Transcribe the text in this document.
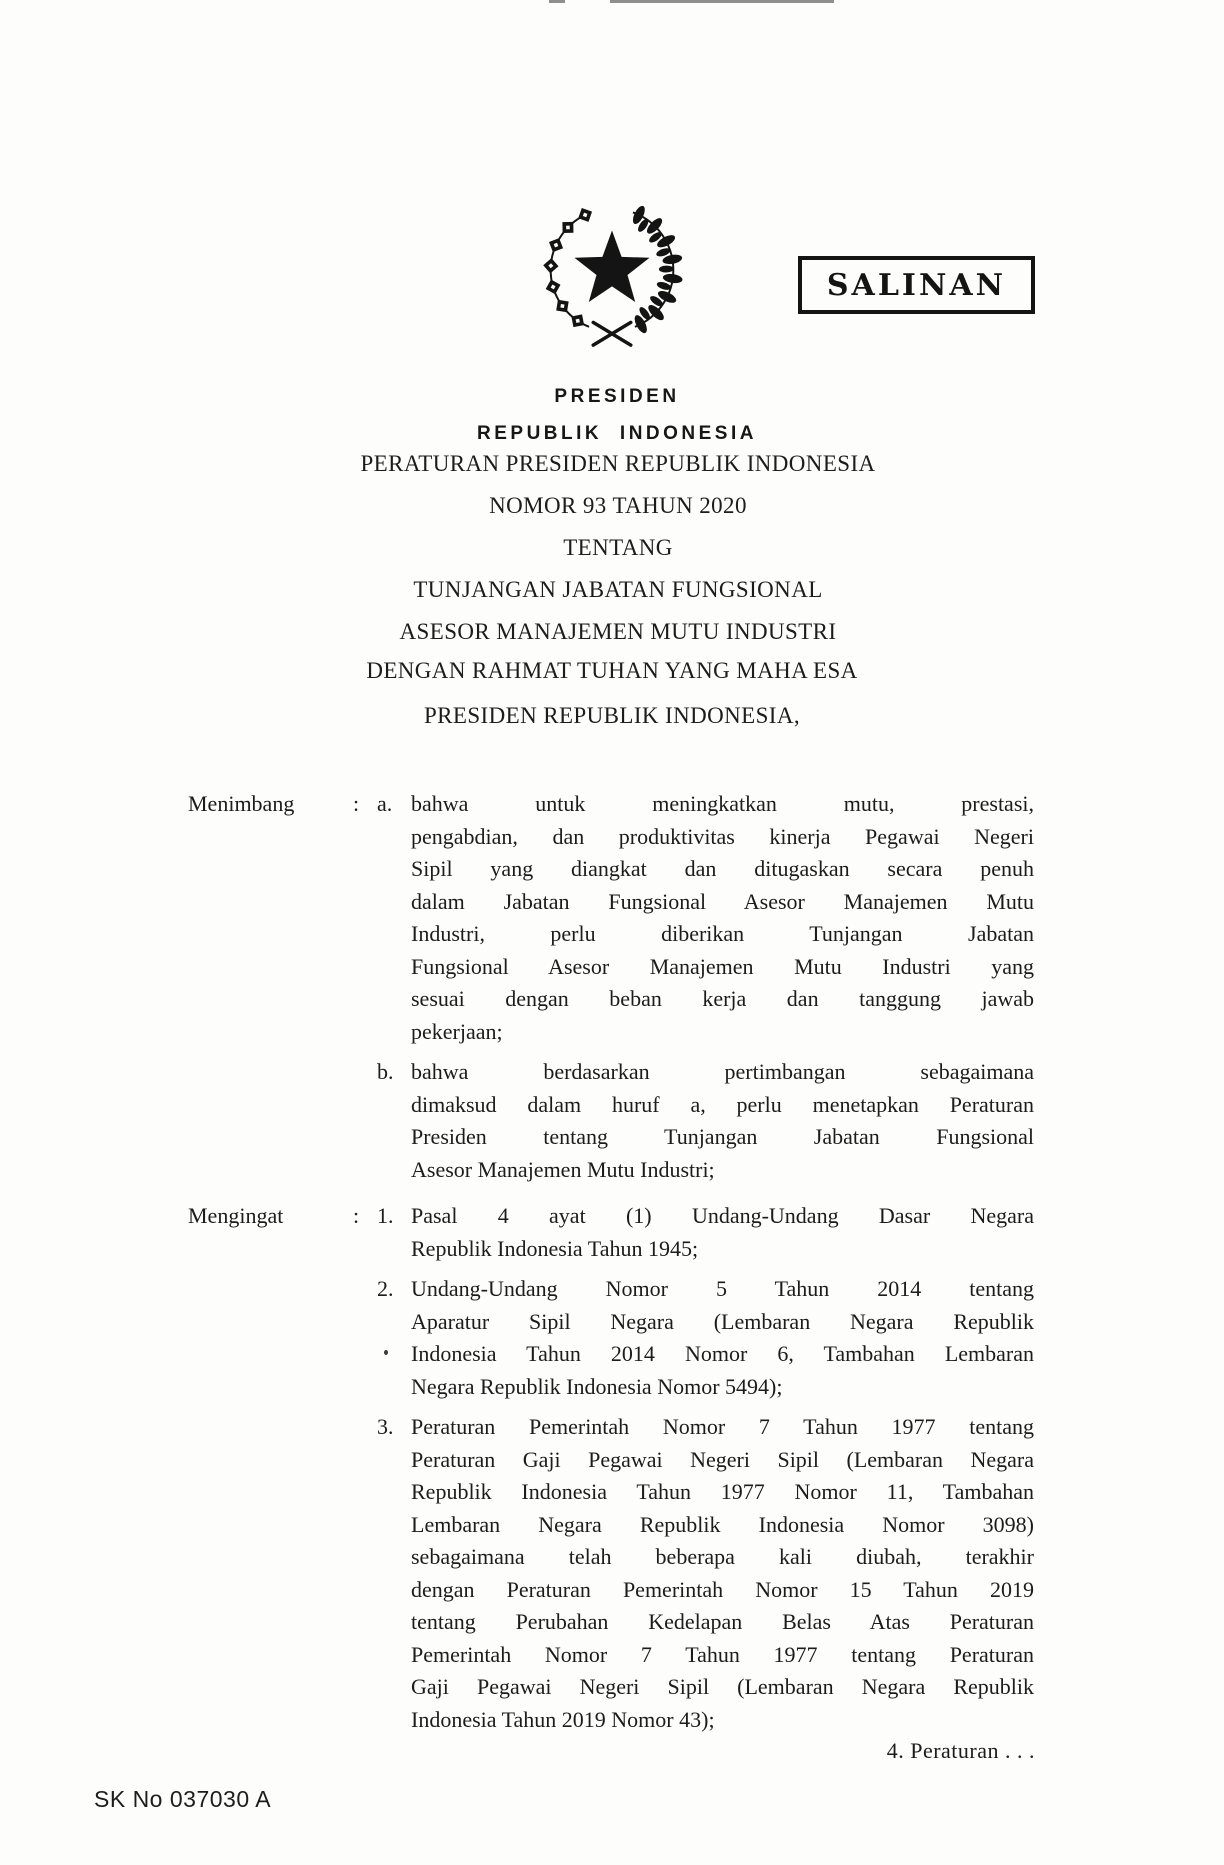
SALINAN
PRESIDEN
REPUBLIK INDONESIA
PERATURAN PRESIDEN REPUBLIK INDONESIA
NOMOR 93 TAHUN 2020
TENTANG
TUNJANGAN JABATAN FUNGSIONAL
ASESOR MANAJEMEN MUTU INDUSTRI
DENGAN RAHMAT TUHAN YANG MAHA ESA
PRESIDEN REPUBLIK INDONESIA,
Menimbang	: a. bahwa untuk meningkatkan mutu, prestasi,
pengabdian, dan produktivitas kinerja Pegawai Negeri
Sipil yang diangkat dan ditugaskan secara penuh
dalam Jabatan Fungsional Asesor Manajemen Mutu
Industri, perlu diberikan Tunjangan Jabatan
Fungsional Asesor Manajemen Mutu Industri yang
sesuai dengan beban kerja dan tanggung jawab
pekerjaan;
b. bahwa berdasarkan pertimbangan sebagaimana
dimaksud dalam huruf a, perlu menetapkan Peraturan
Presiden tentang Tunjangan Jabatan Fungsional
Asesor Manajemen Mutu Industri;
Mengingat	: 1. Pasal 4 ayat (1) Undang-Undang Dasar Negara
Republik Indonesia Tahun 1945;
2. Undang-Undang Nomor 5 Tahun 2014 tentang
Aparatur Sipil Negara (Lembaran Negara Republik
Indonesia Tahun 2014 Nomor 6, Tambahan Lembaran
Negara Republik Indonesia Nomor 5494);
3. Peraturan Pemerintah Nomor 7 Tahun 1977 tentang
Peraturan Gaji Pegawai Negeri Sipil (Lembaran Negara
Republik Indonesia Tahun 1977 Nomor 11, Tambahan
Lembaran Negara Republik Indonesia Nomor 3098)
sebagaimana telah beberapa kali diubah, terakhir
dengan Peraturan Pemerintah Nomor 15 Tahun 2019
tentang Perubahan Kedelapan Belas Atas Peraturan
Pemerintah Nomor 7 Tahun 1977 tentang Peraturan
Gaji Pegawai Negeri Sipil (Lembaran Negara Republik
Indonesia Tahun 2019 Nomor 43);
4. Peraturan . . .
SK No 037030 A
